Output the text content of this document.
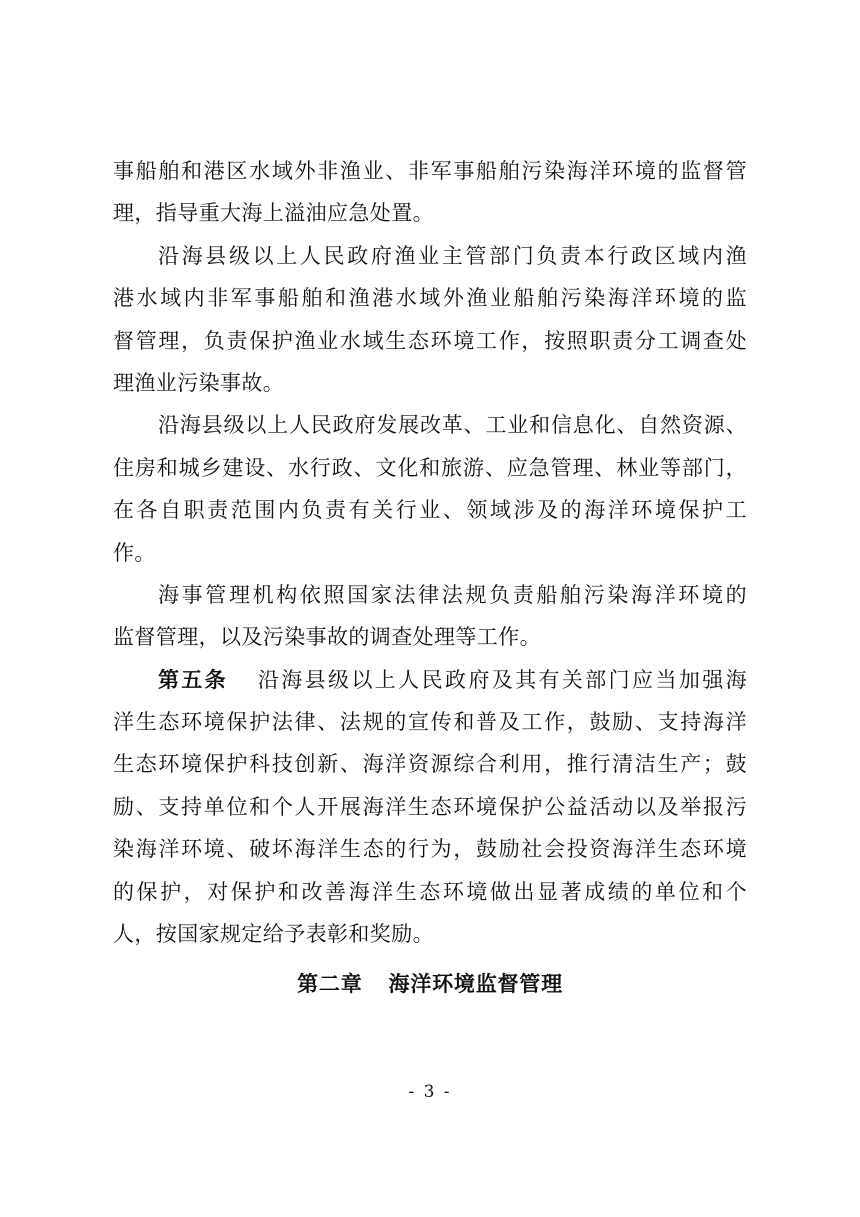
事船舶和港区水域外非渔业、非军事船舶污染海洋环境的监督管
理，指导重大海上溢油应急处置。
沿海县级以上人民政府渔业主管部门负责本行政区域内渔
港水域内非军事船舶和渔港水域外渔业船舶污染海洋环境的监
督管理，负责保护渔业水域生态环境工作，按照职责分工调查处
理渔业污染事故。
沿海县级以上人民政府发展改革、工业和信息化、自然资源、
住房和城乡建设、水行政、文化和旅游、应急管理、林业等部门，
在各自职责范围内负责有关行业、领域涉及的海洋环境保护工
作。
海事管理机构依照国家法律法规负责船舶污染海洋环境的
监督管理，以及污染事故的调查处理等工作。
第五条 沿海县级以上人民政府及其有关部门应当加强海
洋生态环境保护法律、法规的宣传和普及工作，鼓励、支持海洋
生态环境保护科技创新、海洋资源综合利用，推行清洁生产；鼓
励、支持单位和个人开展海洋生态环境保护公益活动以及举报污
染海洋环境、破坏海洋生态的行为，鼓励社会投资海洋生态环境
的保护，对保护和改善海洋生态环境做出显著成绩的单位和个
人，按国家规定给予表彰和奖励。
第二章 海洋环境监督管理
- 3 -
